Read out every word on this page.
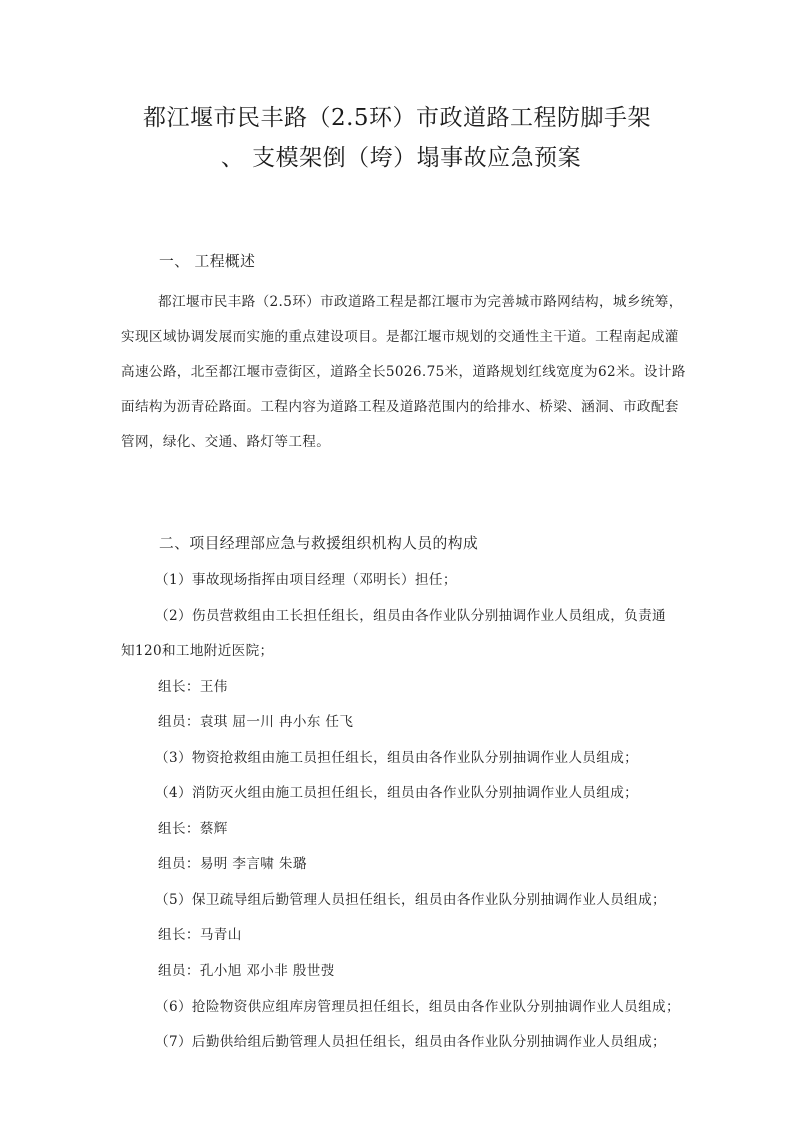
都江堰市民丰路（2.5环）市政道路工程防脚手架
、 支模架倒（垮）塌事故应急预案
一、 工程概述
都江堰市民丰路（2.5环）市政道路工程是都江堰市为完善城市路网结构，城乡统筹，
实现区域协调发展而实施的重点建设项目。是都江堰市规划的交通性主干道。工程南起成灌
高速公路，北至都江堰市壹街区，道路全长5026.75米，道路规划红线宽度为62米。设计路
面结构为沥青砼路面。工程内容为道路工程及道路范围内的给排水、桥梁、涵洞、市政配套
管网，绿化、交通、路灯等工程。
二、项目经理部应急与救援组织机构人员的构成
（1）事故现场指挥由项目经理（邓明长）担任；
（2）伤员营救组由工长担任组长，组员由各作业队分别抽调作业人员组成，负责通
知120和工地附近医院；
组长：王伟
组员：袁琪 屈一川 冉小东 任飞
（3）物资抢救组由施工员担任组长，组员由各作业队分别抽调作业人员组成；
（4）消防灭火组由施工员担任组长，组员由各作业队分别抽调作业人员组成；
组长：蔡辉
组员：易明 李言啸 朱璐
（5）保卫疏导组后勤管理人员担任组长，组员由各作业队分别抽调作业人员组成；
组长：马青山
组员：孔小旭 邓小非 殷世弢
（6）抢险物资供应组库房管理员担任组长，组员由各作业队分别抽调作业人员组成；
（7）后勤供给组后勤管理人员担任组长，组员由各作业队分别抽调作业人员组成；
